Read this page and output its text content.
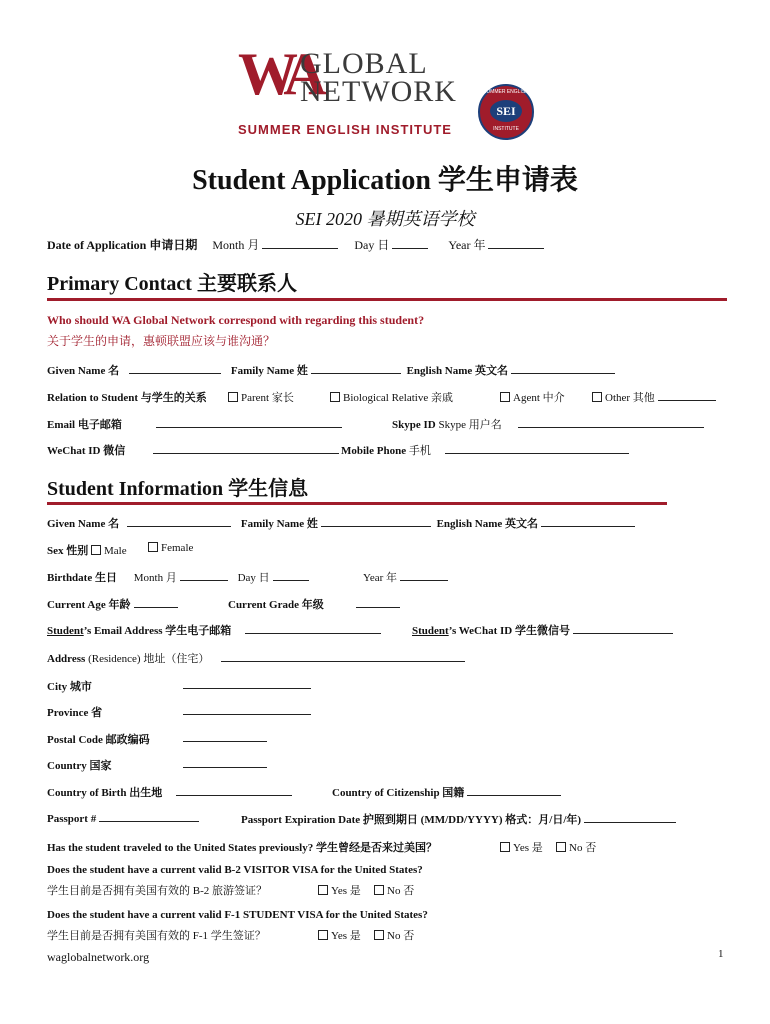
WA
GLOBAL
NETWORK
SUMMER ENGLISH INSTITUTE
SUMMER ENGLISH
SEI
INSTITUTE
Student Application 学生申请表
SEI 2020 暑期英语学校
Date of Application 申请日期 Month 月	Day 日	Year 年
Primary Contact 主要联系人
Who should WA Global Network correspond with regarding this student?
关于学生的申请，惠顿联盟应该与谁沟通？
Given Name 名	Family Name 姓	English Name 英文名
Relation to Student 与学生的关系	Parent 家长	Biological Relative 亲戚	Agent 中介	Other 其他
Email 电子邮箱	Skype ID Skype 用户名
WeChat ID 微信	Mobile Phone 手机
Student Information 学生信息
Given Name 名	Family Name 姓	English Name 英文名
Sex 性别 Male	Female
Birthdate 生日 Month 月	Day 日	Year 年
Current Age 年龄	Current Grade 年级
Student’s Email Address 学生电子邮箱	Student’s WeChat ID 学生微信号
Address (Residence) 地址（住宅）
City 城市
Province 省
Postal Code 邮政编码
Country 国家
Country of Birth 出生地	Country of Citizenship 国籍
Passport #	Passport Expiration Date 护照到期日 (MM/DD/YYYY) 格式：月/日/年)
Has the student traveled to the United States previously? 学生曾经是否来过美国？	Yes 是	No 否
Does the student have a current valid B-2 VISITOR VISA for the United States?
学生目前是否拥有美国有效的 B-2 旅游签证？	Yes 是	No 否
Does the student have a current valid F-1 STUDENT VISA for the United States?
学生目前是否拥有美国有效的 F-1 学生签证？	Yes 是	No 否
waglobalnetwork.org	1
